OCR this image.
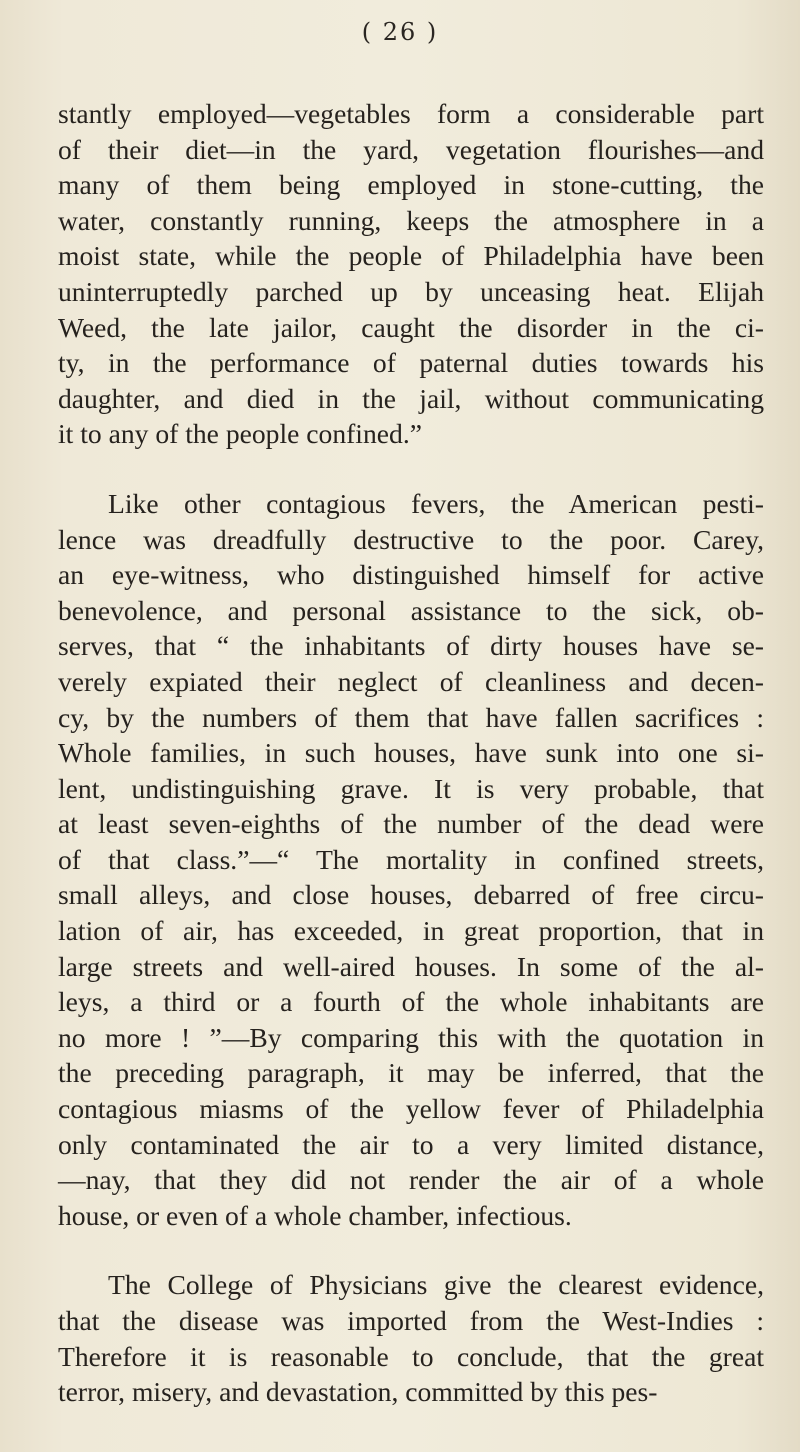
( 26 )
stantly employed—vegetables form a considerable part
of their diet—in the yard, vegetation flourishes—and
many of them being employed in stone-cutting, the
water, constantly running, keeps the atmosphere in a
moist state, while the people of Philadelphia have been
uninterruptedly parched up by unceasing heat. Elijah
Weed, the late jailor, caught the disorder in the ci-
ty, in the performance of paternal duties towards his
daughter, and died in the jail, without communicating
it to any of the people confined.”
Like other contagious fevers, the American pesti-
lence was dreadfully destructive to the poor. Carey,
an eye-witness, who distinguished himself for active
benevolence, and personal assistance to the sick, ob-
serves, that “ the inhabitants of dirty houses have se-
verely expiated their neglect of cleanliness and decen-
cy, by the numbers of them that have fallen sacrifices :
Whole families, in such houses, have sunk into one si-
lent, undistinguishing grave. It is very probable, that
at least seven-eighths of the number of the dead were
of that class.”—“ The mortality in confined streets,
small alleys, and close houses, debarred of free circu-
lation of air, has exceeded, in great proportion, that in
large streets and well-aired houses. In some of the al-
leys, a third or a fourth of the whole inhabitants are
no more ! ”—By comparing this with the quotation in
the preceding paragraph, it may be inferred, that the
contagious miasms of the yellow fever of Philadelphia
only contaminated the air to a very limited distance,
—nay, that they did not render the air of a whole
house, or even of a whole chamber, infectious.
The College of Physicians give the clearest evidence,
that the disease was imported from the West-Indies :
Therefore it is reasonable to conclude, that the great
terror, misery, and devastation, committed by this pes-
